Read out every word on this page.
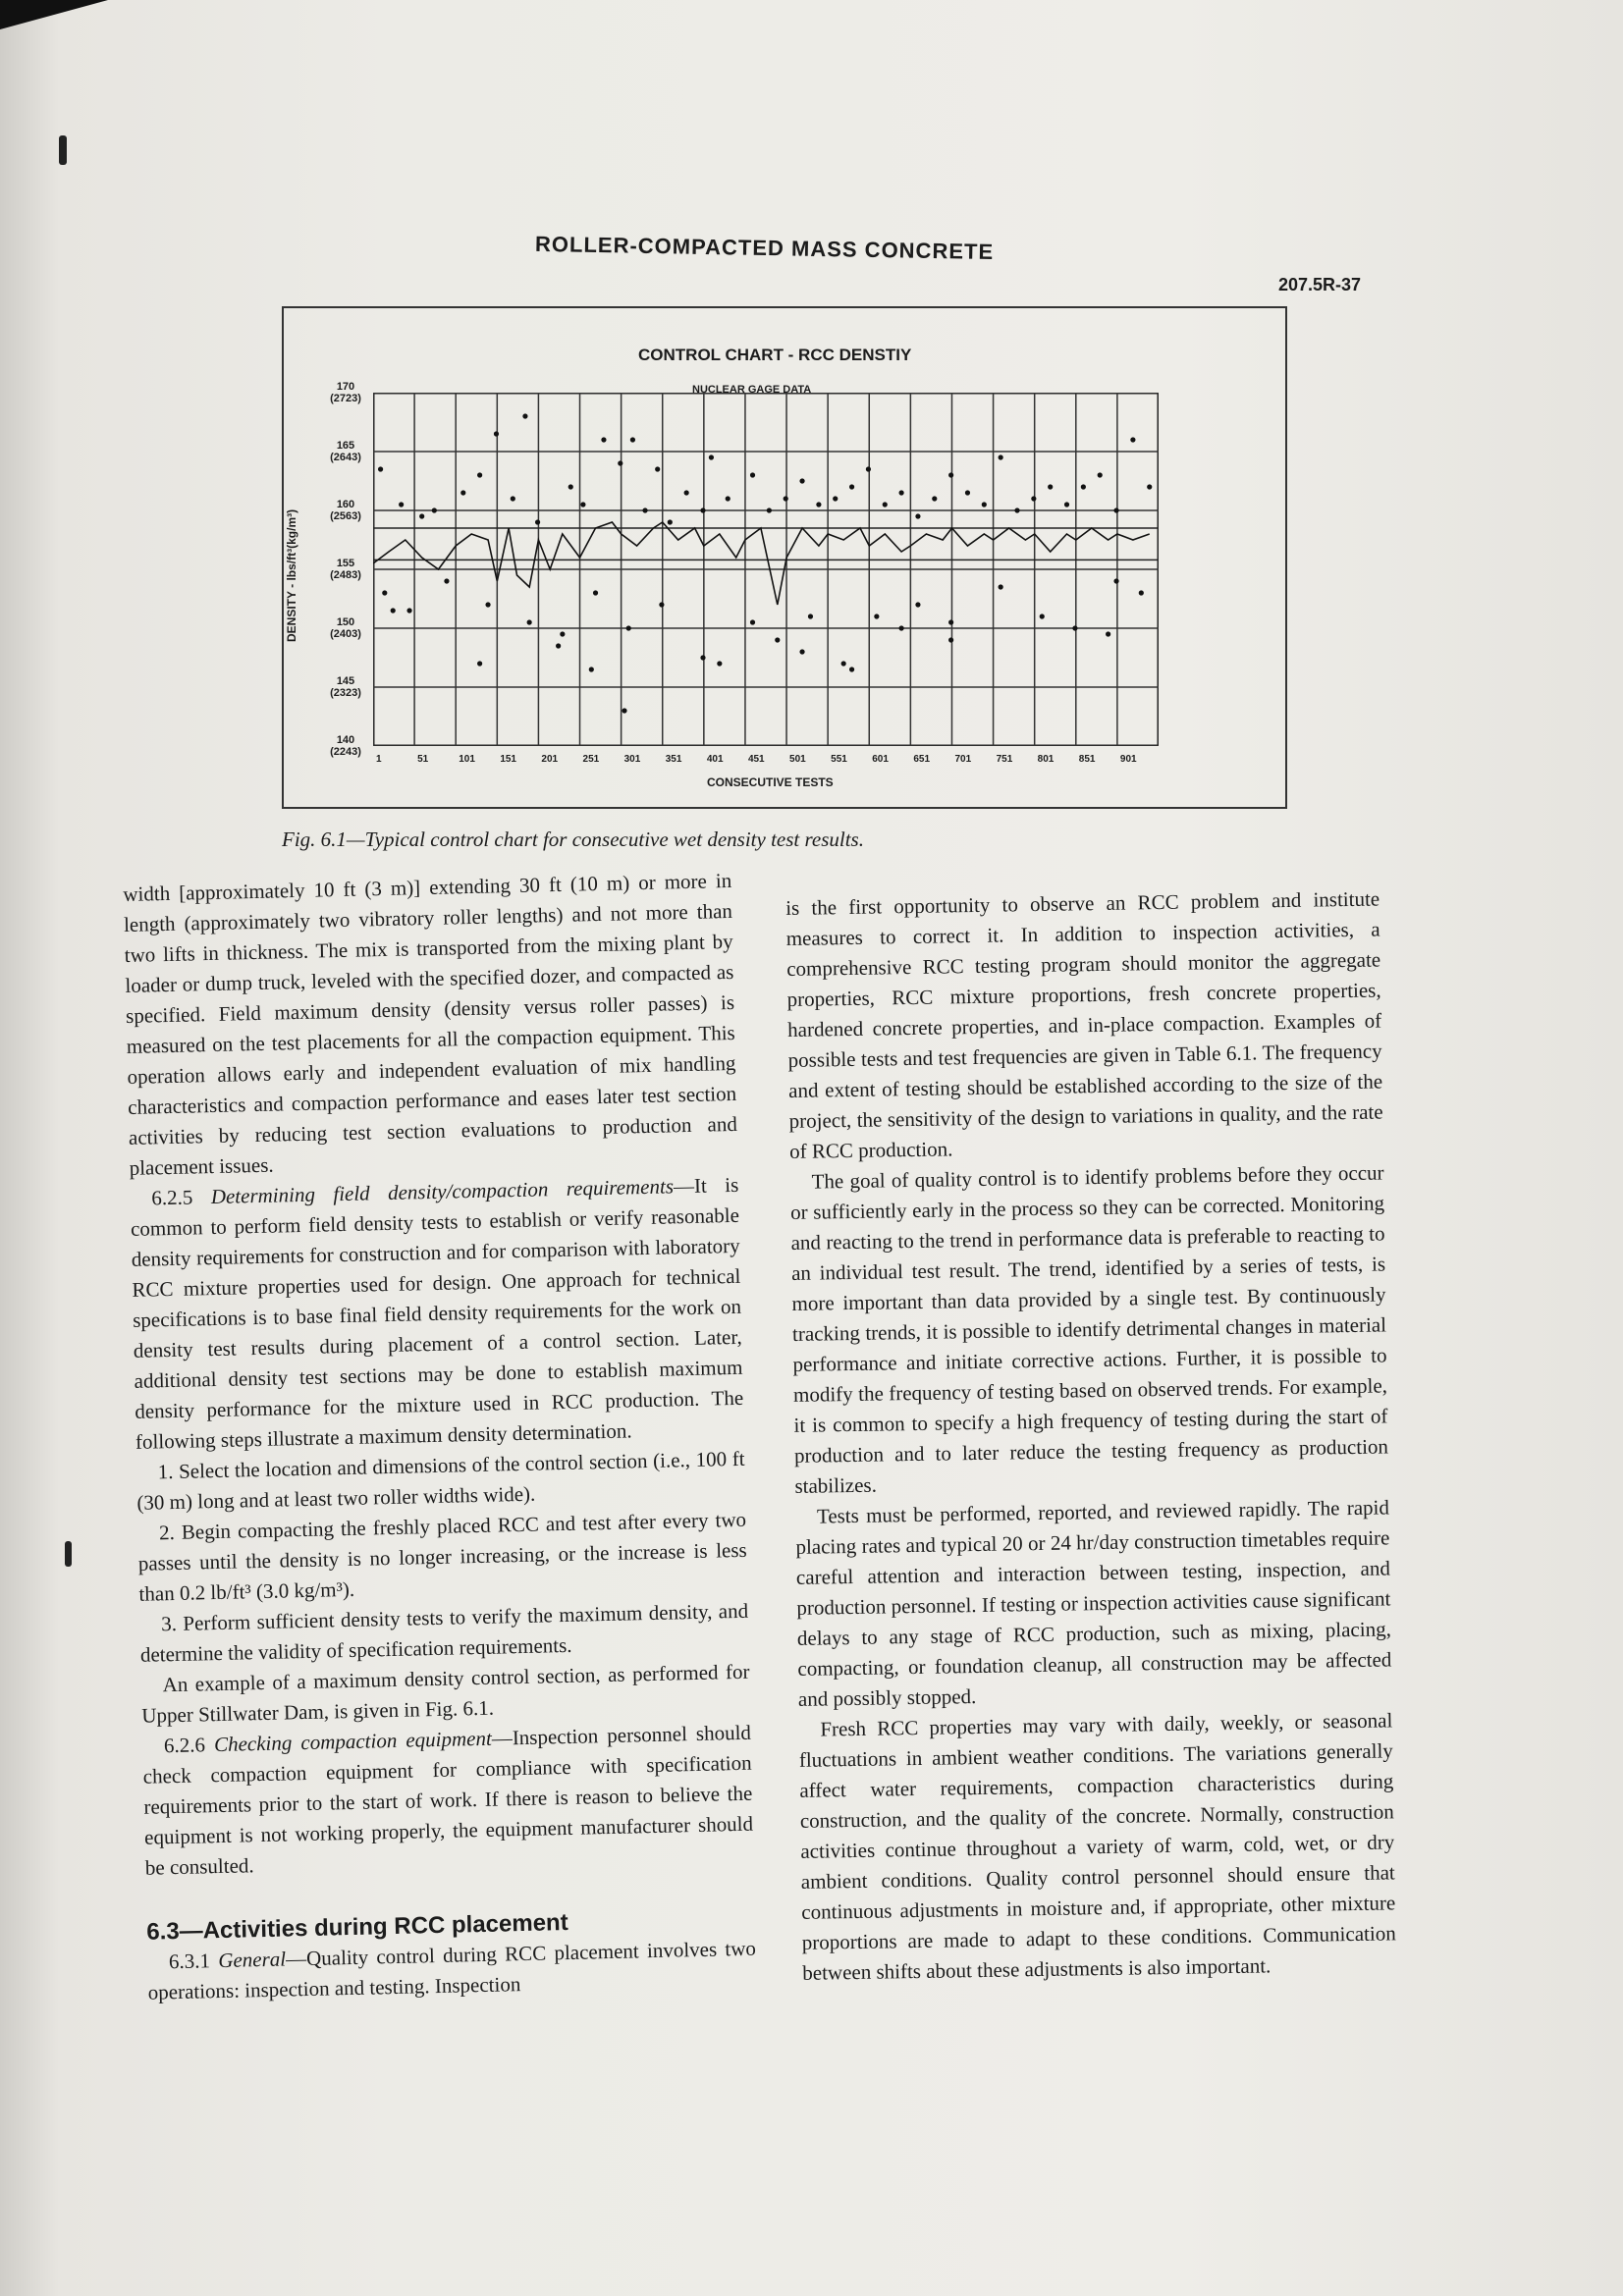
ROLLER-COMPACTED MASS CONCRETE
207.5R-37
CONTROL CHART - RCC DENSTIY
NUCLEAR GAGE DATA
DENSITY - lbs/ft³(kg/m³)
170
(2723)
165
(2643)
160
(2563)
155
(2483)
150
(2403)
145
(2323)
140
(2243)
1	51	101	151	201	251	301	351	401	451	501	551	601	651	701	751	801	851	901
CONSECUTIVE TESTS
Fig. 6.1—Typical control chart for consecutive wet density test results.

width [approximately 10 ft (3 m)] extending 30 ft (10 m) or more in length (approximately two vibratory roller lengths) and not more than two lifts in thickness. The mix is transported from the mixing plant by loader or dump truck, leveled with the specified dozer, and compacted as specified. Field maximum density (density versus roller passes) is measured on the test placements for all the compaction equipment. This operation allows early and independent evaluation of mix handling characteristics and compaction performance and eases later test section activities by reducing test section evaluations to production and placement issues.

6.2.5 Determining field density/compaction requirements—It is common to perform field density tests to establish or verify reasonable density requirements for construction and for comparison with laboratory RCC mixture properties used for design. One approach for technical specifications is to base final field density requirements for the work on density test results during placement of a control section. Later, additional density test sections may be done to establish maximum density performance for the mixture used in RCC production. The following steps illustrate a maximum density determination.

1. Select the location and dimensions of the control section (i.e., 100 ft (30 m) long and at least two roller widths wide).

2. Begin compacting the freshly placed RCC and test after every two passes until the density is no longer increasing, or the increase is less than 0.2 lb/ft³ (3.0 kg/m³).

3. Perform sufficient density tests to verify the maximum density, and determine the validity of specification requirements.

An example of a maximum density control section, as performed for Upper Stillwater Dam, is given in Fig. 6.1.

6.2.6 Checking compaction equipment—Inspection personnel should check compaction equipment for compliance with specification requirements prior to the start of work. If there is reason to believe the equipment is not working properly, the equipment manufacturer should be consulted.

6.3—Activities during RCC placement

6.3.1 General—Quality control during RCC placement involves two operations: inspection and testing. Inspection

is the first opportunity to observe an RCC problem and institute measures to correct it. In addition to inspection activities, a comprehensive RCC testing program should monitor the aggregate properties, RCC mixture proportions, fresh concrete properties, hardened concrete properties, and in-place compaction. Examples of possible tests and test frequencies are given in Table 6.1. The frequency and extent of testing should be established according to the size of the project, the sensitivity of the design to variations in quality, and the rate of RCC production.

The goal of quality control is to identify problems before they occur or sufficiently early in the process so they can be corrected. Monitoring and reacting to the trend in performance data is preferable to reacting to an individual test result. The trend, identified by a series of tests, is more important than data provided by a single test. By continuously tracking trends, it is possible to identify detrimental changes in material performance and initiate corrective actions. Further, it is possible to modify the frequency of testing based on observed trends. For example, it is common to specify a high frequency of testing during the start of production and to later reduce the testing frequency as production stabilizes.

Tests must be performed, reported, and reviewed rapidly. The rapid placing rates and typical 20 or 24 hr/day construction timetables require careful attention and interaction between testing, inspection, and production personnel. If testing or inspection activities cause significant delays to any stage of RCC production, such as mixing, placing, compacting, or foundation cleanup, all construction may be affected and possibly stopped.

Fresh RCC properties may vary with daily, weekly, or seasonal fluctuations in ambient weather conditions. The variations generally affect water requirements, compaction characteristics during construction, and the quality of the concrete. Normally, construction activities continue throughout a variety of warm, cold, wet, or dry ambient conditions. Quality control personnel should ensure that continuous adjustments in moisture and, if appropriate, other mixture proportions are made to adapt to these conditions. Communication between shifts about these adjustments is also important.
